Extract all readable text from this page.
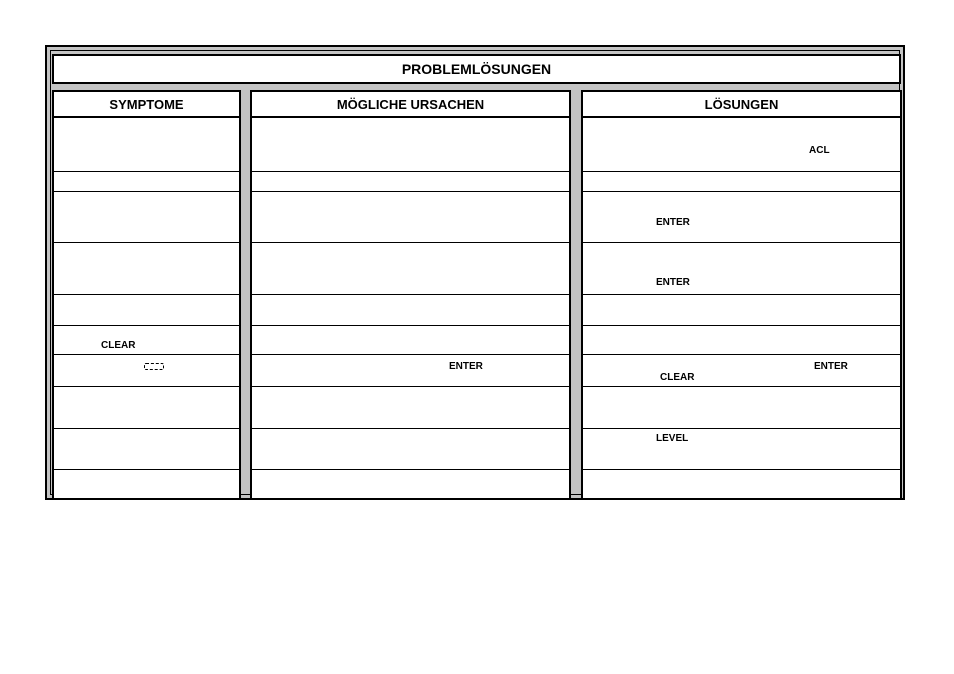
PROBLEMLÖSUNGEN
SYMPTOME
CLEAR
MÖGLICHE URSACHEN
ENTER
LÖSUNGEN
ACL
ENTER
ENTER
ENTER
CLEAR
LEVEL
